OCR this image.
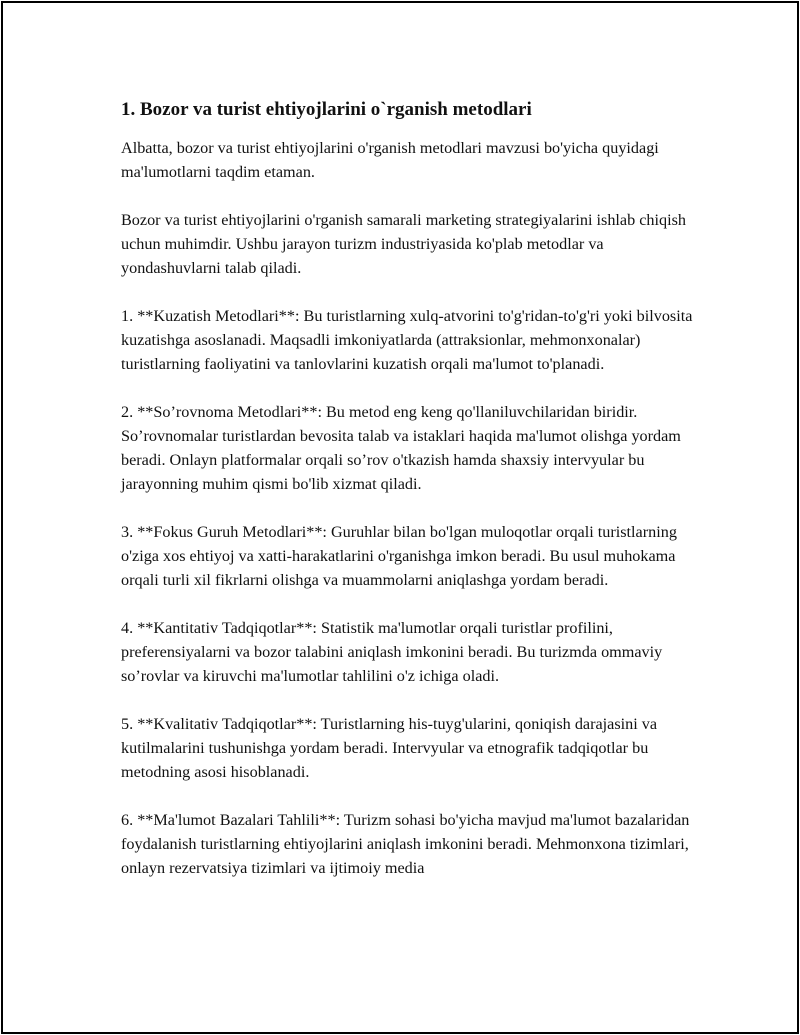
1. Bozor va turist ehtiyojlarini o`rganish metodlari

Albatta, bozor va turist ehtiyojlarini o'rganish metodlari mavzusi bo'yicha quyidagi ma'lumotlarni taqdim etaman.

Bozor va turist ehtiyojlarini o'rganish samarali marketing strategiyalarini ishlab chiqish uchun muhimdir. Ushbu jarayon turizm industriyasida ko'plab metodlar va yondashuvlarni talab qiladi.

1. **Kuzatish Metodlari**: Bu turistlarning xulq-atvorini to'g'ridan-to'g'ri yoki bilvosita kuzatishga asoslanadi. Maqsadli imkoniyatlarda (attraksionlar, mehmonxonalar) turistlarning faoliyatini va tanlovlarini kuzatish orqali ma'lumot to'planadi.

2. **So’rovnoma Metodlari**: Bu metod eng keng qo'llaniluvchilaridan biridir. So’rovnomalar turistlardan bevosita talab va istaklari haqida ma'lumot olishga yordam beradi. Onlayn platformalar orqali so’rov o'tkazish hamda shaxsiy intervyular bu jarayonning muhim qismi bo'lib xizmat qiladi.

3. **Fokus Guruh Metodlari**: Guruhlar bilan bo'lgan muloqotlar orqali turistlarning o'ziga xos ehtiyoj va xatti-harakatlarini o'rganishga imkon beradi. Bu usul muhokama orqali turli xil fikrlarni olishga va muammolarni aniqlashga yordam beradi.

4. **Kantitativ Tadqiqotlar**: Statistik ma'lumotlar orqali turistlar profilini, preferensiyalarni va bozor talabini aniqlash imkonini beradi. Bu turizmda ommaviy so’rovlar va kiruvchi ma'lumotlar tahlilini o'z ichiga oladi.

5. **Kvalitativ Tadqiqotlar**: Turistlarning his-tuyg'ularini, qoniqish darajasini va kutilmalarini tushunishga yordam beradi. Intervyular va etnografik tadqiqotlar bu metodning asosi hisoblanadi.

6. **Ma'lumot Bazalari Tahlili**: Turizm sohasi bo'yicha mavjud ma'lumot bazalaridan foydalanish turistlarning ehtiyojlarini aniqlash imkonini beradi. Mehmonxona tizimlari, onlayn rezervatsiya tizimlari va ijtimoiy media
